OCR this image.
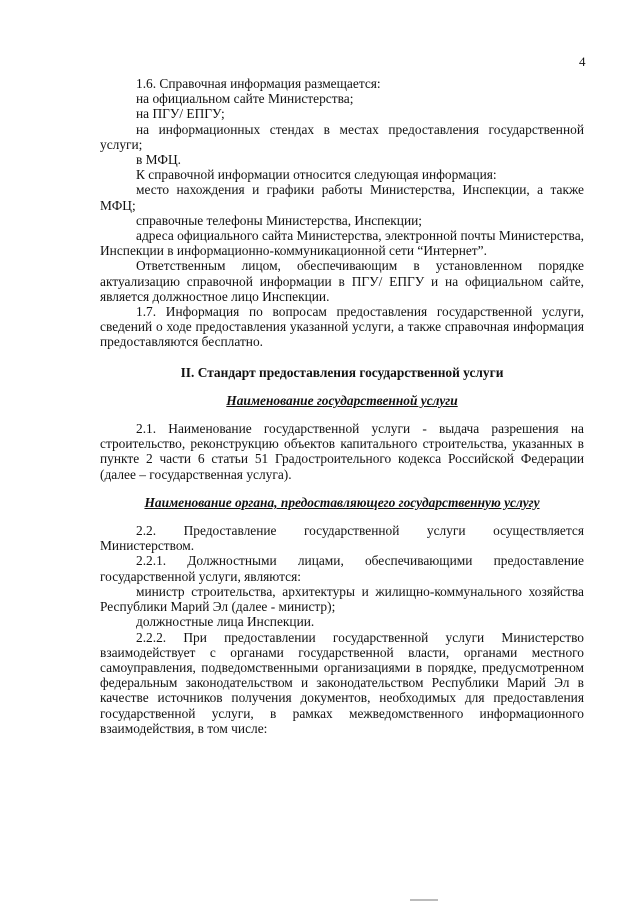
4

1.6. Справочная информация размещается:

на официальном сайте Министерства;

на ПГУ/ ЕПГУ;

на информационных стендах в местах предоставления государственной услуги;

в МФЦ.

К справочной информации относится следующая информация:

место нахождения и графики работы Министерства, Инспекции, а также МФЦ;

справочные телефоны Министерства, Инспекции;

адреса официального сайта Министерства, электронной почты Министерства, Инспекции в информационно-коммуникационной сети “Интернет”.

Ответственным лицом, обеспечивающим в установленном порядке актуализацию справочной информации в ПГУ/ ЕПГУ и на официальном сайте, является должностное лицо Инспекции.

1.7. Информация по вопросам предоставления государственной услуги, сведений о ходе предоставления указанной услуги, а также справочная информация предоставляются бесплатно.

II. Стандарт предоставления государственной услуги

Наименование государственной услуги

2.1. Наименование государственной услуги - выдача разрешения на строительство, реконструкцию объектов капитального строительства, указанных в пункте 2 части 6 статьи 51 Градостроительного кодекса Российской Федерации (далее – государственная услуга).

Наименование органа, предоставляющего государственную услугу

2.2. Предоставление государственной услуги осуществляется Министерством.

2.2.1. Должностными лицами, обеспечивающими предоставление государственной услуги, являются:

министр строительства, архитектуры и жилищно-коммунального хозяйства Республики Марий Эл (далее - министр);

должностные лица Инспекции.

2.2.2. При предоставлении государственной услуги Министерство взаимодействует с органами государственной власти, органами местного самоуправления, подведомственными организациями в порядке, предусмотренном федеральным законодательством и законодательством Республики Марий Эл в качестве источников получения документов, необходимых для предоставления государственной услуги, в рамках межведомственного информационного взаимодействия, в том числе:
